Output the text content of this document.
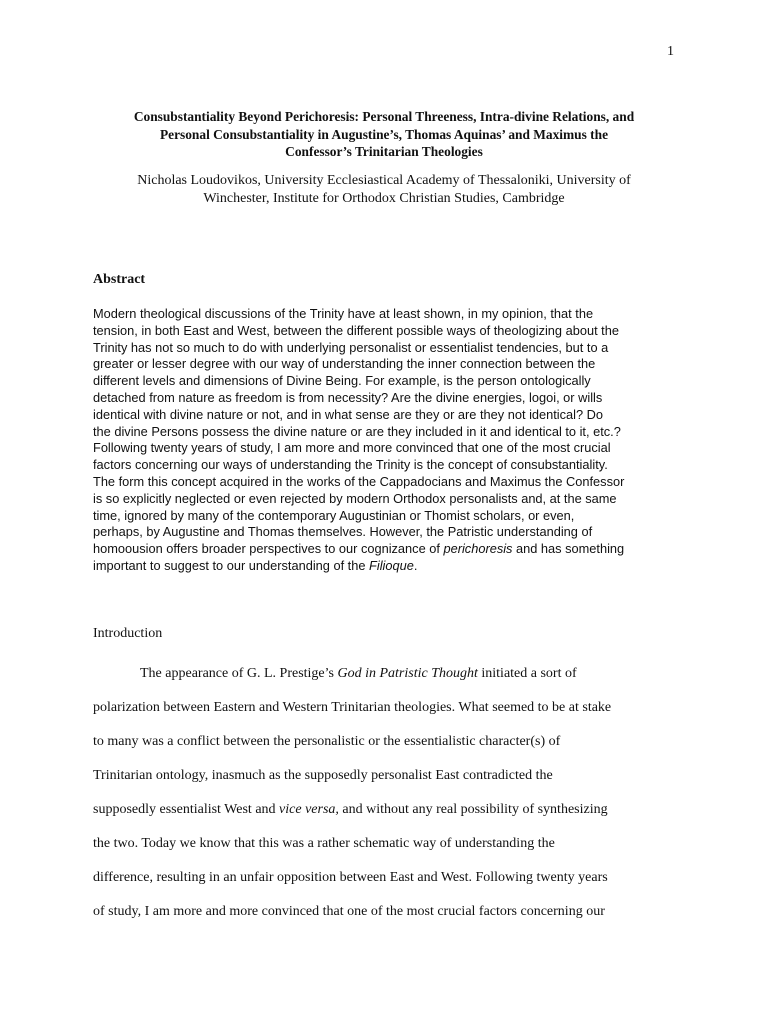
1
Consubstantiality Beyond Perichoresis: Personal Threeness, Intra-divine Relations, and
Personal Consubstantiality in Augustine’s, Thomas Aquinas’ and Maximus the
Confessor’s Trinitarian Theologies
Nicholas Loudovikos, University Ecclesiastical Academy of Thessaloniki, University of
Winchester, Institute for Orthodox Christian Studies, Cambridge
Abstract
Modern theological discussions of the Trinity have at least shown, in my opinion, that the
tension, in both East and West, between the different possible ways of theologizing about the
Trinity has not so much to do with underlying personalist or essentialist tendencies, but to a
greater or lesser degree with our way of understanding the inner connection between the
different levels and dimensions of Divine Being. For example, is the person ontologically
detached from nature as freedom is from necessity? Are the divine energies, logoi, or wills
identical with divine nature or not, and in what sense are they or are they not identical? Do
the divine Persons possess the divine nature or are they included in it and identical to it, etc.?
Following twenty years of study, I am more and more convinced that one of the most crucial
factors concerning our ways of understanding the Trinity is the concept of consubstantiality.
The form this concept acquired in the works of the Cappadocians and Maximus the Confessor
is so explicitly neglected or even rejected by modern Orthodox personalists and, at the same
time, ignored by many of the contemporary Augustinian or Thomist scholars, or even,
perhaps, by Augustine and Thomas themselves. However, the Patristic understanding of
homoousion offers broader perspectives to our cognizance of perichoresis and has something
important to suggest to our understanding of the Filioque.
Introduction
The appearance of G. L. Prestige’s God in Patristic Thought initiated a sort of
polarization between Eastern and Western Trinitarian theologies. What seemed to be at stake
to many was a conflict between the personalistic or the essentialistic character(s) of
Trinitarian ontology, inasmuch as the supposedly personalist East contradicted the
supposedly essentialist West and vice versa, and without any real possibility of synthesizing
the two. Today we know that this was a rather schematic way of understanding the
difference, resulting in an unfair opposition between East and West. Following twenty years
of study, I am more and more convinced that one of the most crucial factors concerning our
